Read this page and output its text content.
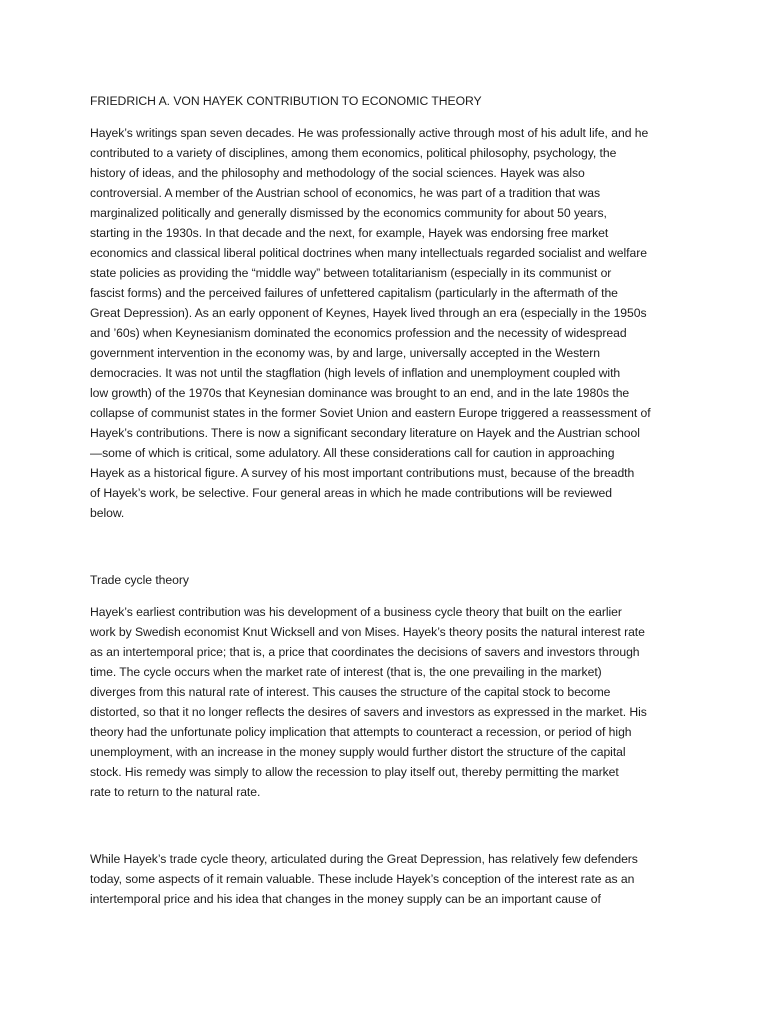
FRIEDRICH A. VON HAYEK CONTRIBUTION TO ECONOMIC THEORY
Hayek’s writings span seven decades. He was professionally active through most of his adult life, and he
contributed to a variety of disciplines, among them economics, political philosophy, psychology, the
history of ideas, and the philosophy and methodology of the social sciences. Hayek was also
controversial. A member of the Austrian school of economics, he was part of a tradition that was
marginalized politically and generally dismissed by the economics community for about 50 years,
starting in the 1930s. In that decade and the next, for example, Hayek was endorsing free market
economics and classical liberal political doctrines when many intellectuals regarded socialist and welfare
state policies as providing the “middle way” between totalitarianism (especially in its communist or
fascist forms) and the perceived failures of unfettered capitalism (particularly in the aftermath of the
Great Depression). As an early opponent of Keynes, Hayek lived through an era (especially in the 1950s
and ’60s) when Keynesianism dominated the economics profession and the necessity of widespread
government intervention in the economy was, by and large, universally accepted in the Western
democracies. It was not until the stagflation (high levels of inflation and unemployment coupled with
low growth) of the 1970s that Keynesian dominance was brought to an end, and in the late 1980s the
collapse of communist states in the former Soviet Union and eastern Europe triggered a reassessment of
Hayek’s contributions. There is now a significant secondary literature on Hayek and the Austrian school
—some of which is critical, some adulatory. All these considerations call for caution in approaching
Hayek as a historical figure. A survey of his most important contributions must, because of the breadth
of Hayek’s work, be selective. Four general areas in which he made contributions will be reviewed
below.
Trade cycle theory
Hayek’s earliest contribution was his development of a business cycle theory that built on the earlier
work by Swedish economist Knut Wicksell and von Mises. Hayek’s theory posits the natural interest rate
as an intertemporal price; that is, a price that coordinates the decisions of savers and investors through
time. The cycle occurs when the market rate of interest (that is, the one prevailing in the market)
diverges from this natural rate of interest. This causes the structure of the capital stock to become
distorted, so that it no longer reflects the desires of savers and investors as expressed in the market. His
theory had the unfortunate policy implication that attempts to counteract a recession, or period of high
unemployment, with an increase in the money supply would further distort the structure of the capital
stock. His remedy was simply to allow the recession to play itself out, thereby permitting the market
rate to return to the natural rate.
While Hayek’s trade cycle theory, articulated during the Great Depression, has relatively few defenders
today, some aspects of it remain valuable. These include Hayek’s conception of the interest rate as an
intertemporal price and his idea that changes in the money supply can be an important cause of
